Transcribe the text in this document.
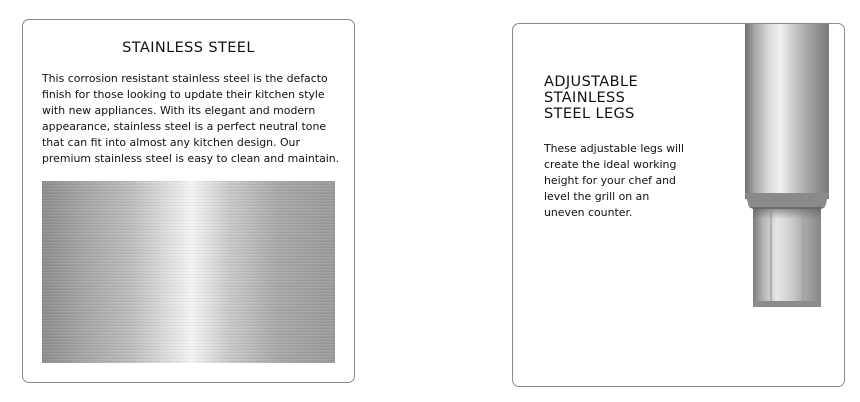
STAINLESS STEEL
This corrosion resistant stainless steel is the defacto finish for those looking to update their kitchen style with new appliances. With its elegant and modern appearance, stainless steel is a perfect neutral tone that can fit into almost any kitchen design. Our premium stainless steel is easy to clean and maintain.
ADJUSTABLE
STAINLESS
STEEL LEGS
These adjustable legs will
create the ideal working
height for your chef and
level the grill on an
uneven counter.
